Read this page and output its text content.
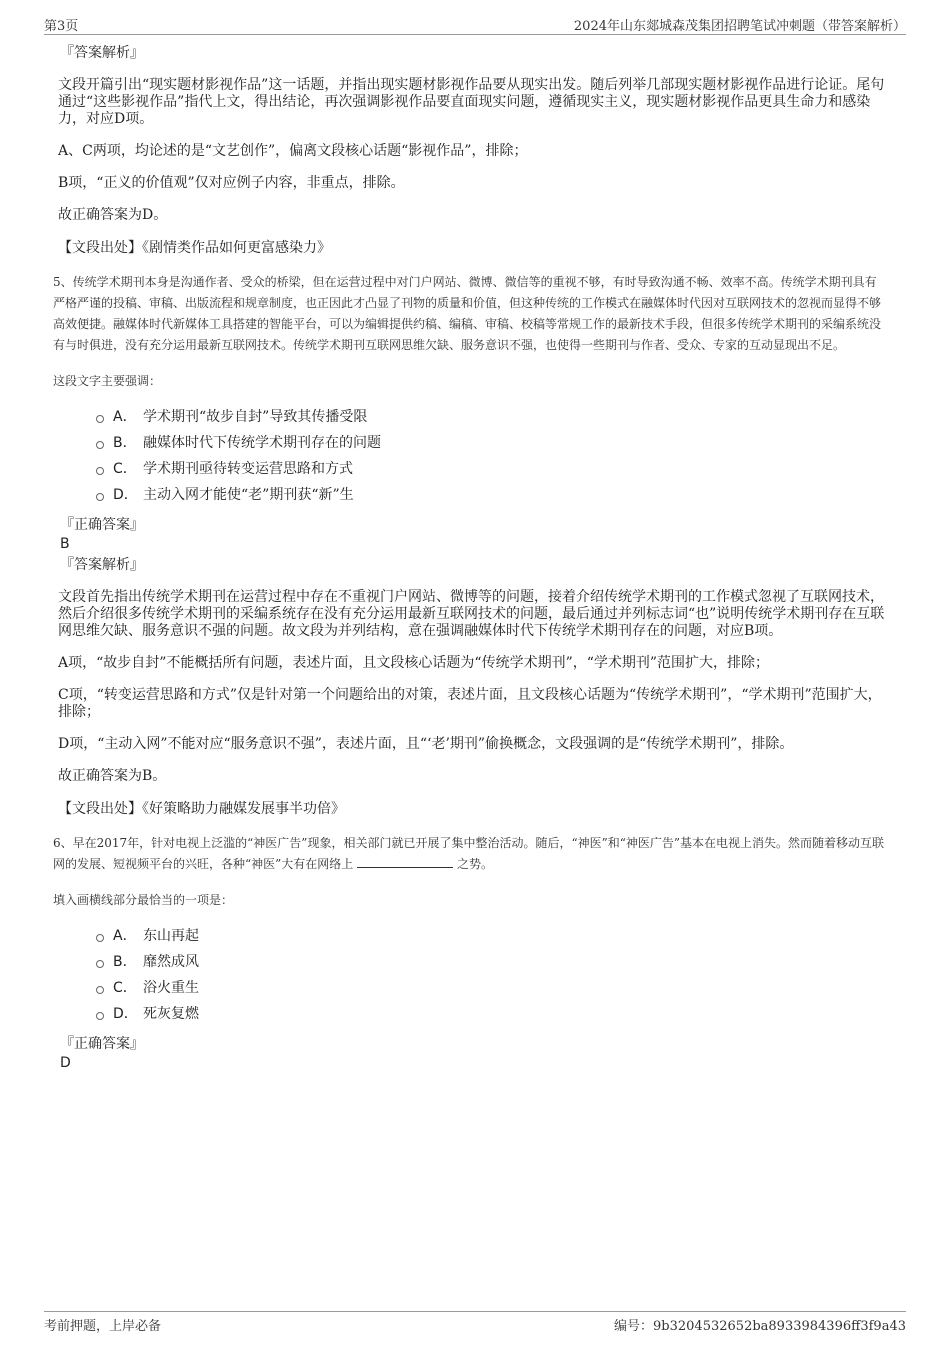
第3页	2024年山东郯城森茂集团招聘笔试冲刺题（带答案解析）
『答案解析』

文段开篇引出“现实题材影视作品”这一话题，并指出现实题材影视作品要从现实出发。随后列举几部现实题材影视作品进行论证。尾句通过“这些影视作品”指代上文，得出结论，再次强调影视作品要直面现实问题，遵循现实主义，现实题材影视作品更具生命力和感染力，对应D项。

A、C两项，均论述的是“文艺创作”，偏离文段核心话题“影视作品”，排除；

B项，“正义的价值观”仅对应例子内容，非重点，排除。

故正确答案为D。

【文段出处】《剧情类作品如何更富感染力》

5、传统学术期刊本身是沟通作者、受众的桥梁，但在运营过程中对门户网站、微博、微信等的重视不够，有时导致沟通不畅、效率不高。传统学术期刊具有严格严谨的投稿、审稿、出版流程和规章制度，也正因此才凸显了刊物的质量和价值，但这种传统的工作模式在融媒体时代因对互联网技术的忽视而显得不够高效便捷。融媒体时代新媒体工具搭建的智能平台，可以为编辑提供约稿、编稿、审稿、校稿等常规工作的最新技术手段，但很多传统学术期刊的采编系统没有与时俱进，没有充分运用最新互联网技术。传统学术期刊互联网思维欠缺、服务意识不强，也使得一些期刊与作者、受众、专家的互动显现出不足。

这段文字主要强调：

A． 学术期刊“故步自封”导致其传播受限
B． 融媒体时代下传统学术期刊存在的问题
C． 学术期刊亟待转变运营思路和方式
D． 主动入网才能使“老”期刊获“新”生
『正确答案』
B
『答案解析』

文段首先指出传统学术期刊在运营过程中存在不重视门户网站、微博等的问题，接着介绍传统学术期刊的工作模式忽视了互联网技术，然后介绍很多传统学术期刊的采编系统存在没有充分运用最新互联网技术的问题，最后通过并列标志词“也”说明传统学术期刊存在互联网思维欠缺、服务意识不强的问题。故文段为并列结构，意在强调融媒体时代下传统学术期刊存在的问题，对应B项。

A项，“故步自封”不能概括所有问题，表述片面，且文段核心话题为“传统学术期刊”，“学术期刊”范围扩大，排除；

C项，“转变运营思路和方式”仅是针对第一个问题给出的对策，表述片面，且文段核心话题为“传统学术期刊”，“学术期刊”范围扩大，排除；

D项，“主动入网”不能对应“服务意识不强”，表述片面，且“‘老’期刊”偷换概念，文段强调的是“传统学术期刊”，排除。

故正确答案为B。

【文段出处】《好策略助力融媒发展事半功倍》

6、早在2017年，针对电视上泛滥的“神医广告”现象，相关部门就已开展了集中整治活动。随后，“神医”和“神医广告”基本在电视上消失。然而随着移动互联网的发展、短视频平台的兴旺，各种“神医”大有在网络上	之势。

填入画横线部分最恰当的一项是：

A． 东山再起
B． 靡然成风
C． 浴火重生
D． 死灰复燃
『正确答案』
D
考前押题，上岸必备	编号：9b3204532652ba8933984396ff3f9a43
